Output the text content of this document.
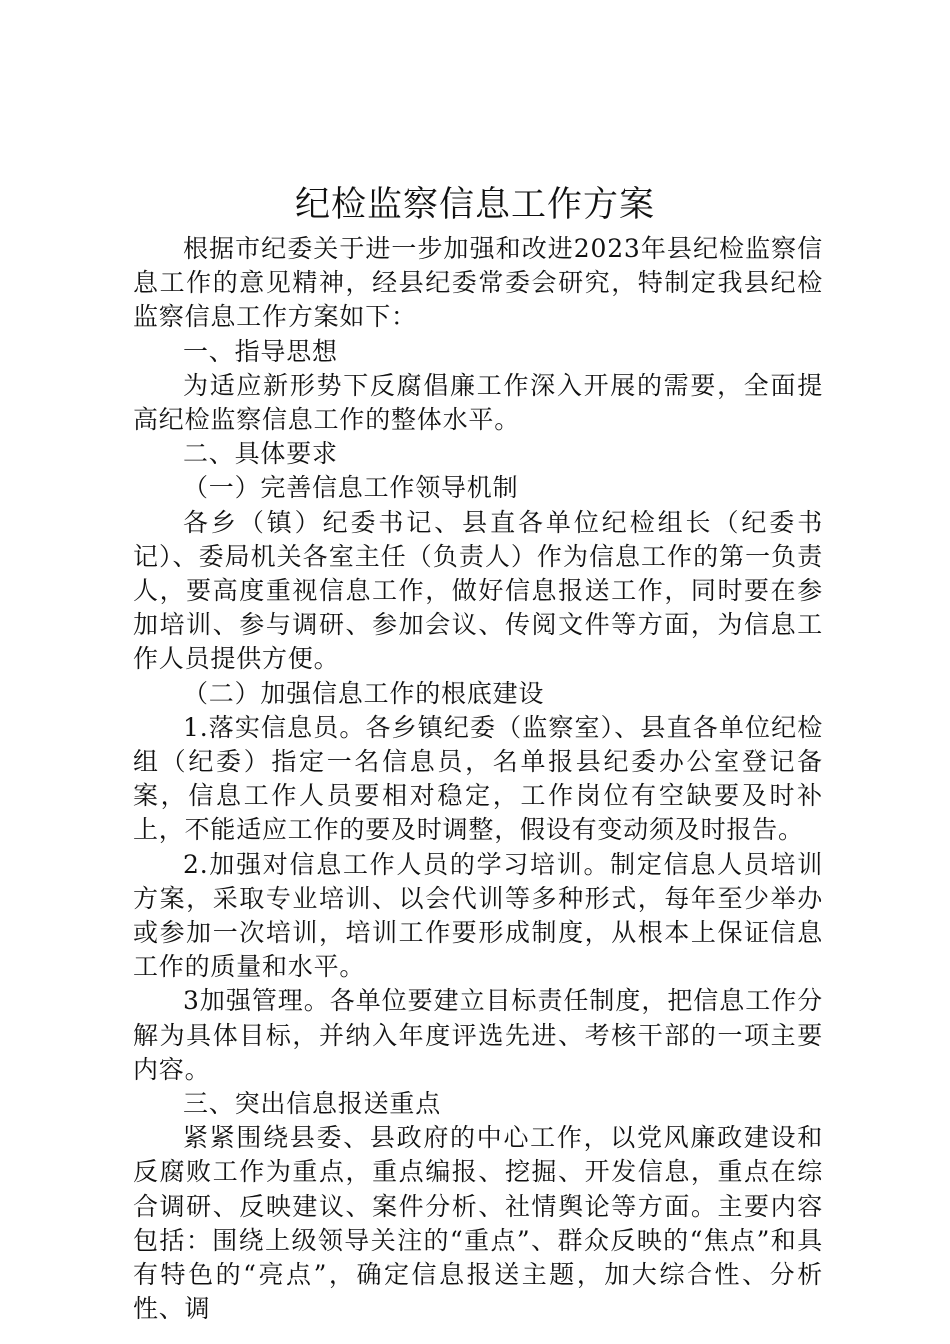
纪检监察信息工作方案

根据市纪委关于进一步加强和改进2023年县纪检监察信息工作的意见精神，经县纪委常委会研究，特制定我县纪检监察信息工作方案如下：

一、指导思想

为适应新形势下反腐倡廉工作深入开展的需要，全面提高纪检监察信息工作的整体水平。

二、具体要求

（一）完善信息工作领导机制

各乡（镇）纪委书记、县直各单位纪检组长（纪委书记）、委局机关各室主任（负责人）作为信息工作的第一负责人，要高度重视信息工作，做好信息报送工作，同时要在参加培训、参与调研、参加会议、传阅文件等方面，为信息工作人员提供方便。

（二）加强信息工作的根底建设

1.落实信息员。各乡镇纪委（监察室）、县直各单位纪检组（纪委）指定一名信息员，名单报县纪委办公室登记备案，信息工作人员要相对稳定，工作岗位有空缺要及时补上，不能适应工作的要及时调整，假设有变动须及时报告。

2.加强对信息工作人员的学习培训。制定信息人员培训方案，采取专业培训、以会代训等多种形式，每年至少举办或参加一次培训，培训工作要形成制度，从根本上保证信息工作的质量和水平。

3加强管理。各单位要建立目标责任制度，把信息工作分解为具体目标，并纳入年度评选先进、考核干部的一项主要内容。

三、突出信息报送重点

紧紧围绕县委、县政府的中心工作，以党风廉政建设和反腐败工作为重点，重点编报、挖掘、开发信息，重点在综合调研、反映建议、案件分析、社情舆论等方面。主要内容包括：围绕上级领导关注的“重点”、群众反映的“焦点”和具有特色的“亮点”，确定信息报送主题，加大综合性、分析性、调
